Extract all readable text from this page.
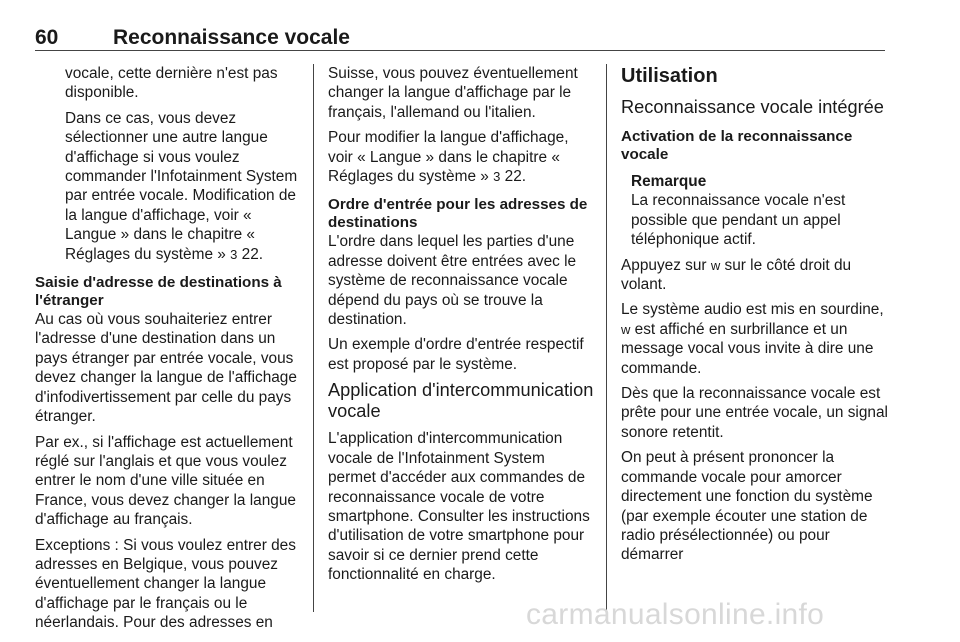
60	Reconnaissance vocale

vocale, cette dernière n'est pas disponible.

Dans ce cas, vous devez sélectionner une autre langue d'affichage si vous voulez commander l'Infotainment System par entrée vocale. Modification de la langue d'affichage, voir « Langue » dans le chapitre « Réglages du système » 3 22.

Saisie d'adresse de destinations à l'étranger

Au cas où vous souhaiteriez entrer l'adresse d'une destination dans un pays étranger par entrée vocale, vous devez changer la langue de l'affichage d'infodivertissement par celle du pays étranger.

Par ex., si l'affichage est actuellement réglé sur l'anglais et que vous voulez entrer le nom d'une ville située en France, vous devez changer la langue d'affichage au français.

Exceptions : Si vous voulez entrer des adresses en Belgique, vous pouvez éventuellement changer la langue d'affichage par le français ou le néerlandais. Pour des adresses en

Suisse, vous pouvez éventuellement changer la langue d'affichage par le français, l'allemand ou l'italien.

Pour modifier la langue d'affichage, voir « Langue » dans le chapitre « Réglages du système » 3 22.

Ordre d'entrée pour les adresses de destinations

L'ordre dans lequel les parties d'une adresse doivent être entrées avec le système de reconnaissance vocale dépend du pays où se trouve la destination.

Un exemple d'ordre d'entrée respectif est proposé par le système.

Application d'intercommunication vocale

L'application d'intercommunication vocale de l'Infotainment System permet d'accéder aux commandes de reconnaissance vocale de votre smartphone. Consulter les instructions d'utilisation de votre smartphone pour savoir si ce dernier prend cette fonctionnalité en charge.

Utilisation

Reconnaissance vocale intégrée

Activation de la reconnaissance vocale

Remarque
La reconnaissance vocale n'est possible que pendant un appel téléphonique actif.

Appuyez sur w sur le côté droit du volant.

Le système audio est mis en sourdine, w est affiché en surbrillance et un message vocal vous invite à dire une commande.

Dès que la reconnaissance vocale est prête pour une entrée vocale, un signal sonore retentit.

On peut à présent prononcer la commande vocale pour amorcer directement une fonction du système (par exemple écouter une station de radio présélectionnée) ou pour démarrer

carmanualsonline.info
